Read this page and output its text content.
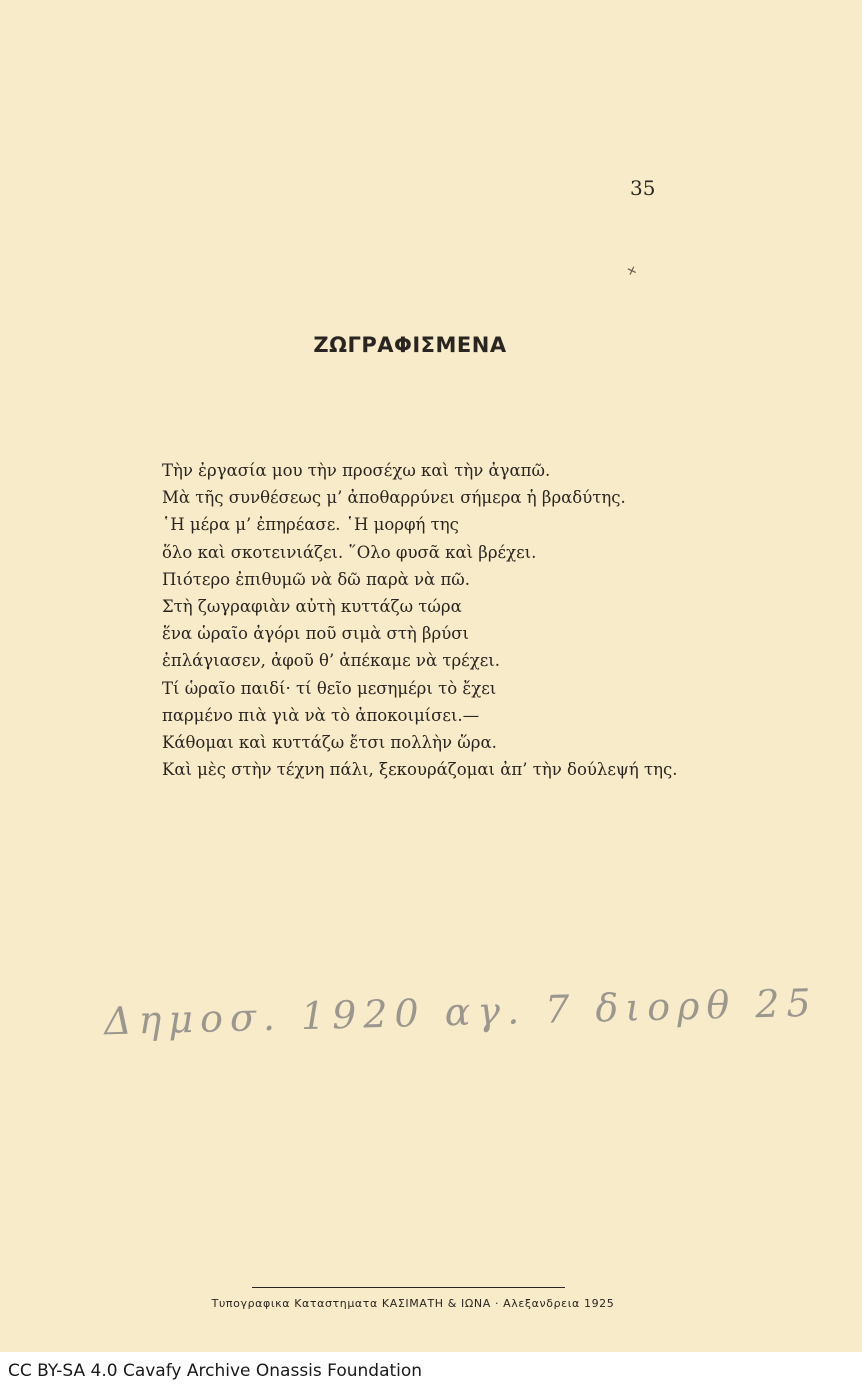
35
✕
ΖΩΓΡΑΦΙΣΜΕΝΑ
Τὴν ἐργασία μου τὴν προσέχω καὶ τὴν ἀγαπῶ.
Μὰ τῆς συνθέσεως μ’ ἀποθαρρύνει σήμερα ἡ βραδύτης.
῾Η μέρα μ’ ἐπηρέασε. ῾Η μορφή της
ὅλο καὶ σκοτεινιάζει. ῞Ολο φυσᾶ καὶ βρέχει.
Πιότερο ἐπιθυμῶ νὰ δῶ παρὰ νὰ πῶ.
Στὴ ζωγραφιὰν αὐτὴ κυττάζω τώρα
ἕνα ὡραῖο ἀγόρι ποῦ σιμὰ στὴ βρύσι
ἐπλάγιασεν, ἀφοῦ θ’ ἀπέκαμε νὰ τρέχει.
Τί ὡραῖο παιδί· τί θεῖο μεσημέρι τὸ ἔχει
παρμένο πιὰ γιὰ νὰ τὸ ἀποκοιμίσει.—
Κάθομαι καὶ κυττάζω ἔτσι πολλὴν ὥρα.
Καὶ μὲς στὴν τέχνη πάλι, ξεκουράζομαι ἀπ’ τὴν δούλεψή της.
Δημοσ. 1920 αγ. 7 διορθ 25
Τυπογραφικα Καταστηματα ΚΑΣΙΜΑΤΗ & ΙΩΝΑ · Αλεξανδρεια 1925
CC BY-SA 4.0 Cavafy Archive Onassis Foundation
